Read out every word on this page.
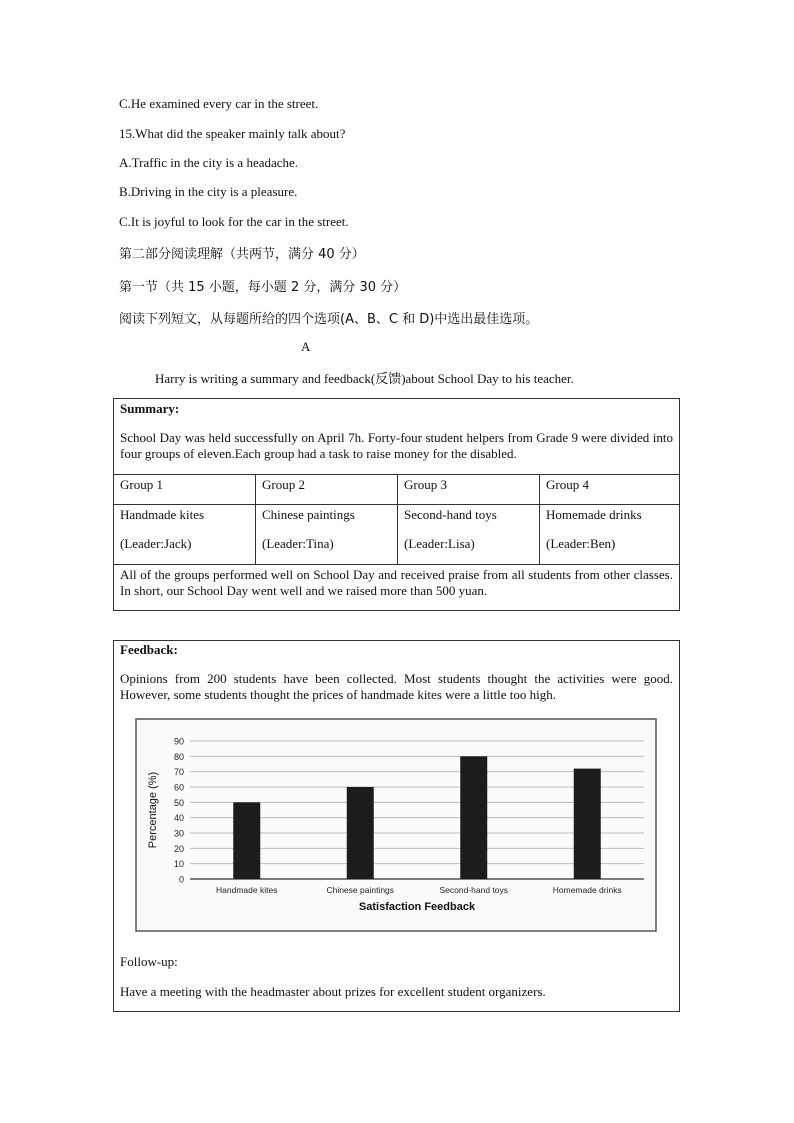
C.He examined every car in the street.
15.What did the speaker mainly talk about?
A.Traffic in the city is a headache.
B.Driving in the city is a pleasure.
C.It is joyful to look for the car in the street.
第二部分阅读理解（共两节，满分 40 分）
第一节（共 15 小题，每小题 2 分，满分 30 分）
阅读下列短文，从每题所给的四个选项(A、B、C 和 D)中选出最佳选项。
A
Harry is writing a summary and feedback(反馈)about School Day to his teacher.
Summary:
School Day was held successfully on April 7h. Forty-four student helpers from Grade 9 were divided into four groups of eleven.Each group had a task to raise money for the disabled.
Group 1	Group 2	Group 3	Group 4
Handmade kites	Chinese paintings	Second-hand toys	Homemade drinks
(Leader:Jack)	(Leader:Tina)	(Leader:Lisa)	(Leader:Ben)
All of the groups performed well on School Day and received praise from all students from other classes. In short, our School Day went well and we raised more than 500 yuan.
Feedback:
Opinions from 200 students have been collected. Most students thought the activities were good. However, some students thought the prices of handmade kites were a little too high.
0
10
20
30
40
50
60
70
80
90
Handmade kites	Chinese paintings	Second-hand toys	Homemade drinks
Satisfaction Feedback
Percentage (%)
Follow-up:
Have a meeting with the headmaster about prizes for excellent student organizers.
